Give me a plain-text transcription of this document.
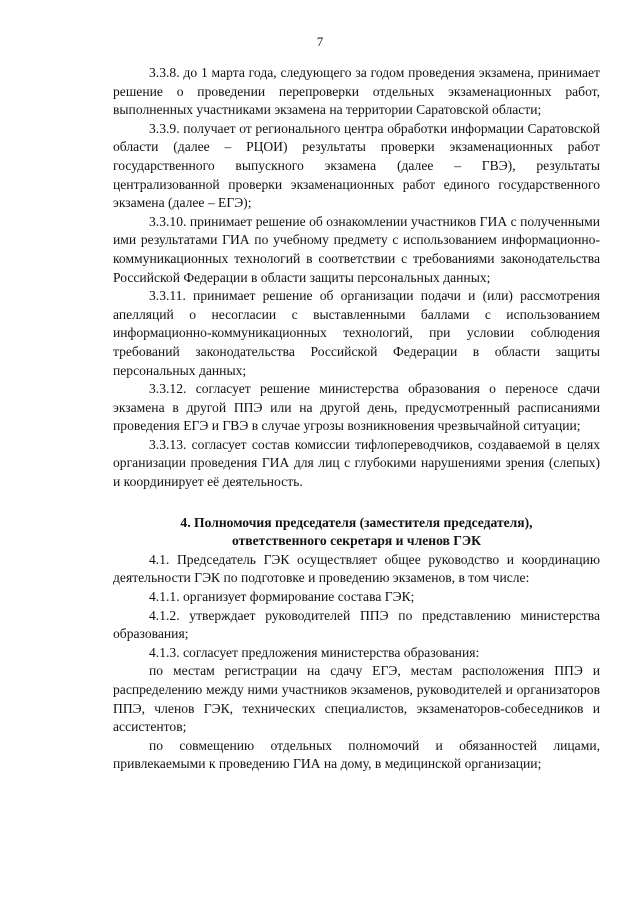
7

3.3.8. до 1 марта года, следующего за годом проведения экзамена, принимает решение о проведении перепроверки отдельных экзаменационных работ, выполненных участниками экзамена на территории Саратовской области;

3.3.9. получает от регионального центра обработки информации Саратовской области (далее – РЦОИ) результаты проверки экзаменационных работ государственного выпускного экзамена (далее – ГВЭ), результаты централизованной проверки экзаменационных работ единого государственного экзамена (далее – ЕГЭ);

3.3.10. принимает решение об ознакомлении участников ГИА с полученными ими результатами ГИА по учебному предмету с использованием информационно-коммуникационных технологий в соответствии с требованиями законодательства Российской Федерации в области защиты персональных данных;

3.3.11. принимает решение об организации подачи и (или) рассмотрения апелляций о несогласии с выставленными баллами с использованием информационно-коммуникационных технологий, при условии соблюдения требований законодательства Российской Федерации в области защиты персональных данных;

3.3.12. согласует решение министерства образования о переносе сдачи экзамена в другой ППЭ или на другой день, предусмотренный расписаниями проведения ЕГЭ и ГВЭ в случае угрозы возникновения чрезвычайной ситуации;

3.3.13. согласует состав комиссии тифлопереводчиков, создаваемой в целях организации проведения ГИА для лиц с глубокими нарушениями зрения (слепых) и координирует её деятельность.

4. Полномочия председателя (заместителя председателя),
ответственного секретаря и членов ГЭК

4.1. Председатель ГЭК осуществляет общее руководство и координацию деятельности ГЭК по подготовке и проведению экзаменов, в том числе:

4.1.1. организует формирование состава ГЭК;

4.1.2. утверждает руководителей ППЭ по представлению министерства образования;

4.1.3. согласует предложения министерства образования:

по местам регистрации на сдачу ЕГЭ, местам расположения ППЭ и распределению между ними участников экзаменов, руководителей и организаторов ППЭ, членов ГЭК, технических специалистов, экзаменаторов-собеседников и ассистентов;

по совмещению отдельных полномочий и обязанностей лицами, привлекаемыми к проведению ГИА на дому, в медицинской организации;
